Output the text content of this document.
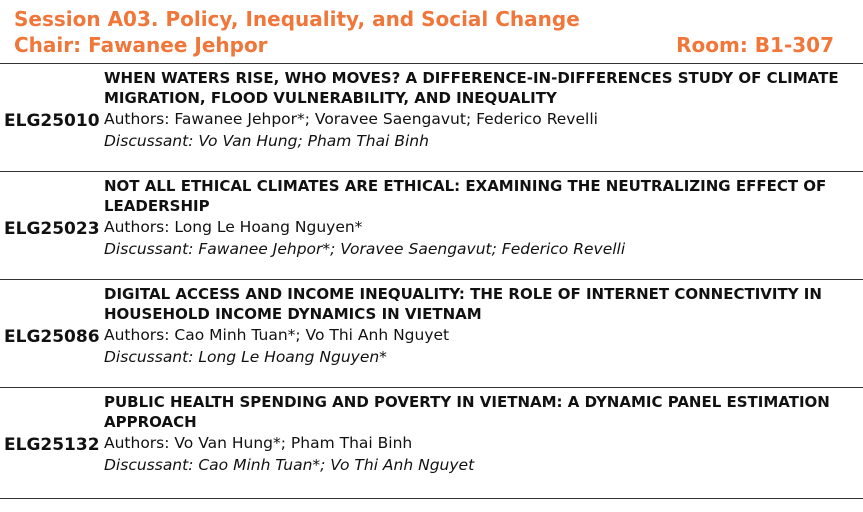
Session A03. Policy, Inequality, and Social Change
Chair: Fawanee Jehpor	Room: B1-307
ELG25010

WHEN WATERS RISE, WHO MOVES? A DIFFERENCE-IN-DIFFERENCES STUDY OF CLIMATE MIGRATION, FLOOD VULNERABILITY, AND INEQUALITY

Authors: Fawanee Jehpor*; Voravee Saengavut; Federico Revelli
Discussant: Vo Van Hung; Pham Thai Binh
ELG25023

NOT ALL ETHICAL CLIMATES ARE ETHICAL: EXAMINING THE NEUTRALIZING EFFECT OF LEADERSHIP

Authors: Long Le Hoang Nguyen*
Discussant: Fawanee Jehpor*; Voravee Saengavut; Federico Revelli
ELG25086

DIGITAL ACCESS AND INCOME INEQUALITY: THE ROLE OF INTERNET CONNECTIVITY IN HOUSEHOLD INCOME DYNAMICS IN VIETNAM

Authors: Cao Minh Tuan*; Vo Thi Anh Nguyet
Discussant: Long Le Hoang Nguyen*
ELG25132

PUBLIC HEALTH SPENDING AND POVERTY IN VIETNAM: A DYNAMIC PANEL ESTIMATION APPROACH

Authors: Vo Van Hung*; Pham Thai Binh
Discussant: Cao Minh Tuan*; Vo Thi Anh Nguyet
